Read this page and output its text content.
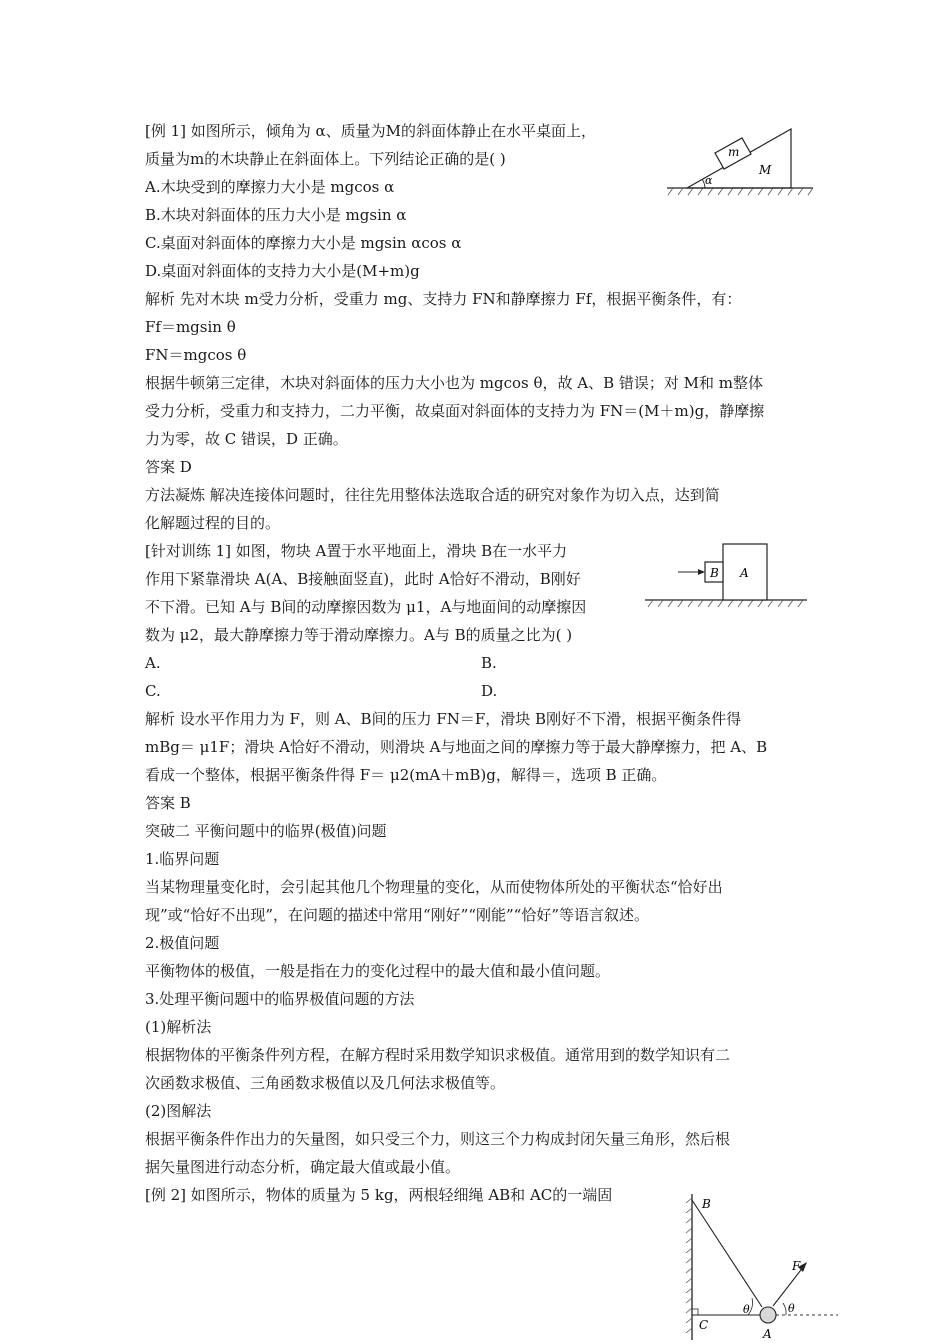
[例 1] 如图所示，倾角为 α、质量为M的斜面体静止在水平桌面上，
质量为m的木块静止在斜面体上。下列结论正确的是( )
A.木块受到的摩擦力大小是 mgcos α
B.木块对斜面体的压力大小是 mgsin α
C.桌面对斜面体的摩擦力大小是 mgsin αcos α
D.桌面对斜面体的支持力大小是(M+m)g
解析 先对木块 m受力分析，受重力 mg、支持力 FN和静摩擦力 Ff，根据平衡条件，有：
Ff＝mgsin θ
FN＝mgcos θ
根据牛顿第三定律，木块对斜面体的压力大小也为 mgcos θ，故 A、B 错误；对 M和 m整体
受力分析，受重力和支持力，二力平衡，故桌面对斜面体的支持力为 FN＝(M＋m)g，静摩擦
力为零，故 C 错误，D 正确。
答案 D
方法凝炼 解决连接体问题时，往往先用整体法选取合适的研究对象作为切入点，达到简
化解题过程的目的。
[针对训练 1] 如图，物块 A置于水平地面上，滑块 B在一水平力
作用下紧靠滑块 A(A、B接触面竖直)，此时 A恰好不滑动，B刚好
不下滑。已知 A与 B间的动摩擦因数为 μ1，A与地面间的动摩擦因
数为 μ2，最大静摩擦力等于滑动摩擦力。A与 B的质量之比为( )
A.	B.
C.	D.
解析 设水平作用力为 F，则 A、B间的压力 FN＝F，滑块 B刚好不下滑，根据平衡条件得
mBg＝ μ1F；滑块 A恰好不滑动，则滑块 A与地面之间的摩擦力等于最大静摩擦力，把 A、B
看成一个整体，根据平衡条件得 F＝ μ2(mA＋mB)g，解得＝，选项 B 正确。
答案 B
突破二 平衡问题中的临界(极值)问题
1.临界问题
当某物理量变化时，会引起其他几个物理量的变化，从而使物体所处的平衡状态“恰好出
现”或“恰好不出现”，在问题的描述中常用“刚好”“刚能”“恰好”等语言叙述。
2.极值问题
平衡物体的极值，一般是指在力的变化过程中的最大值和最小值问题。
3.处理平衡问题中的临界极值问题的方法
(1)解析法
根据物体的平衡条件列方程，在解方程时采用数学知识求极值。通常用到的数学知识有二
次函数求极值、三角函数求极值以及几何法求极值等。
(2)图解法
根据平衡条件作出力的矢量图，如只受三个力，则这三个力构成封闭矢量三角形，然后根
据矢量图进行动态分析，确定最大值或最小值。
[例 2] 如图所示，物体的质量为 5 kg，两根轻细绳 AB和 AC的一端固
m
M
α
B A
B
F
θ	θ
C
A
